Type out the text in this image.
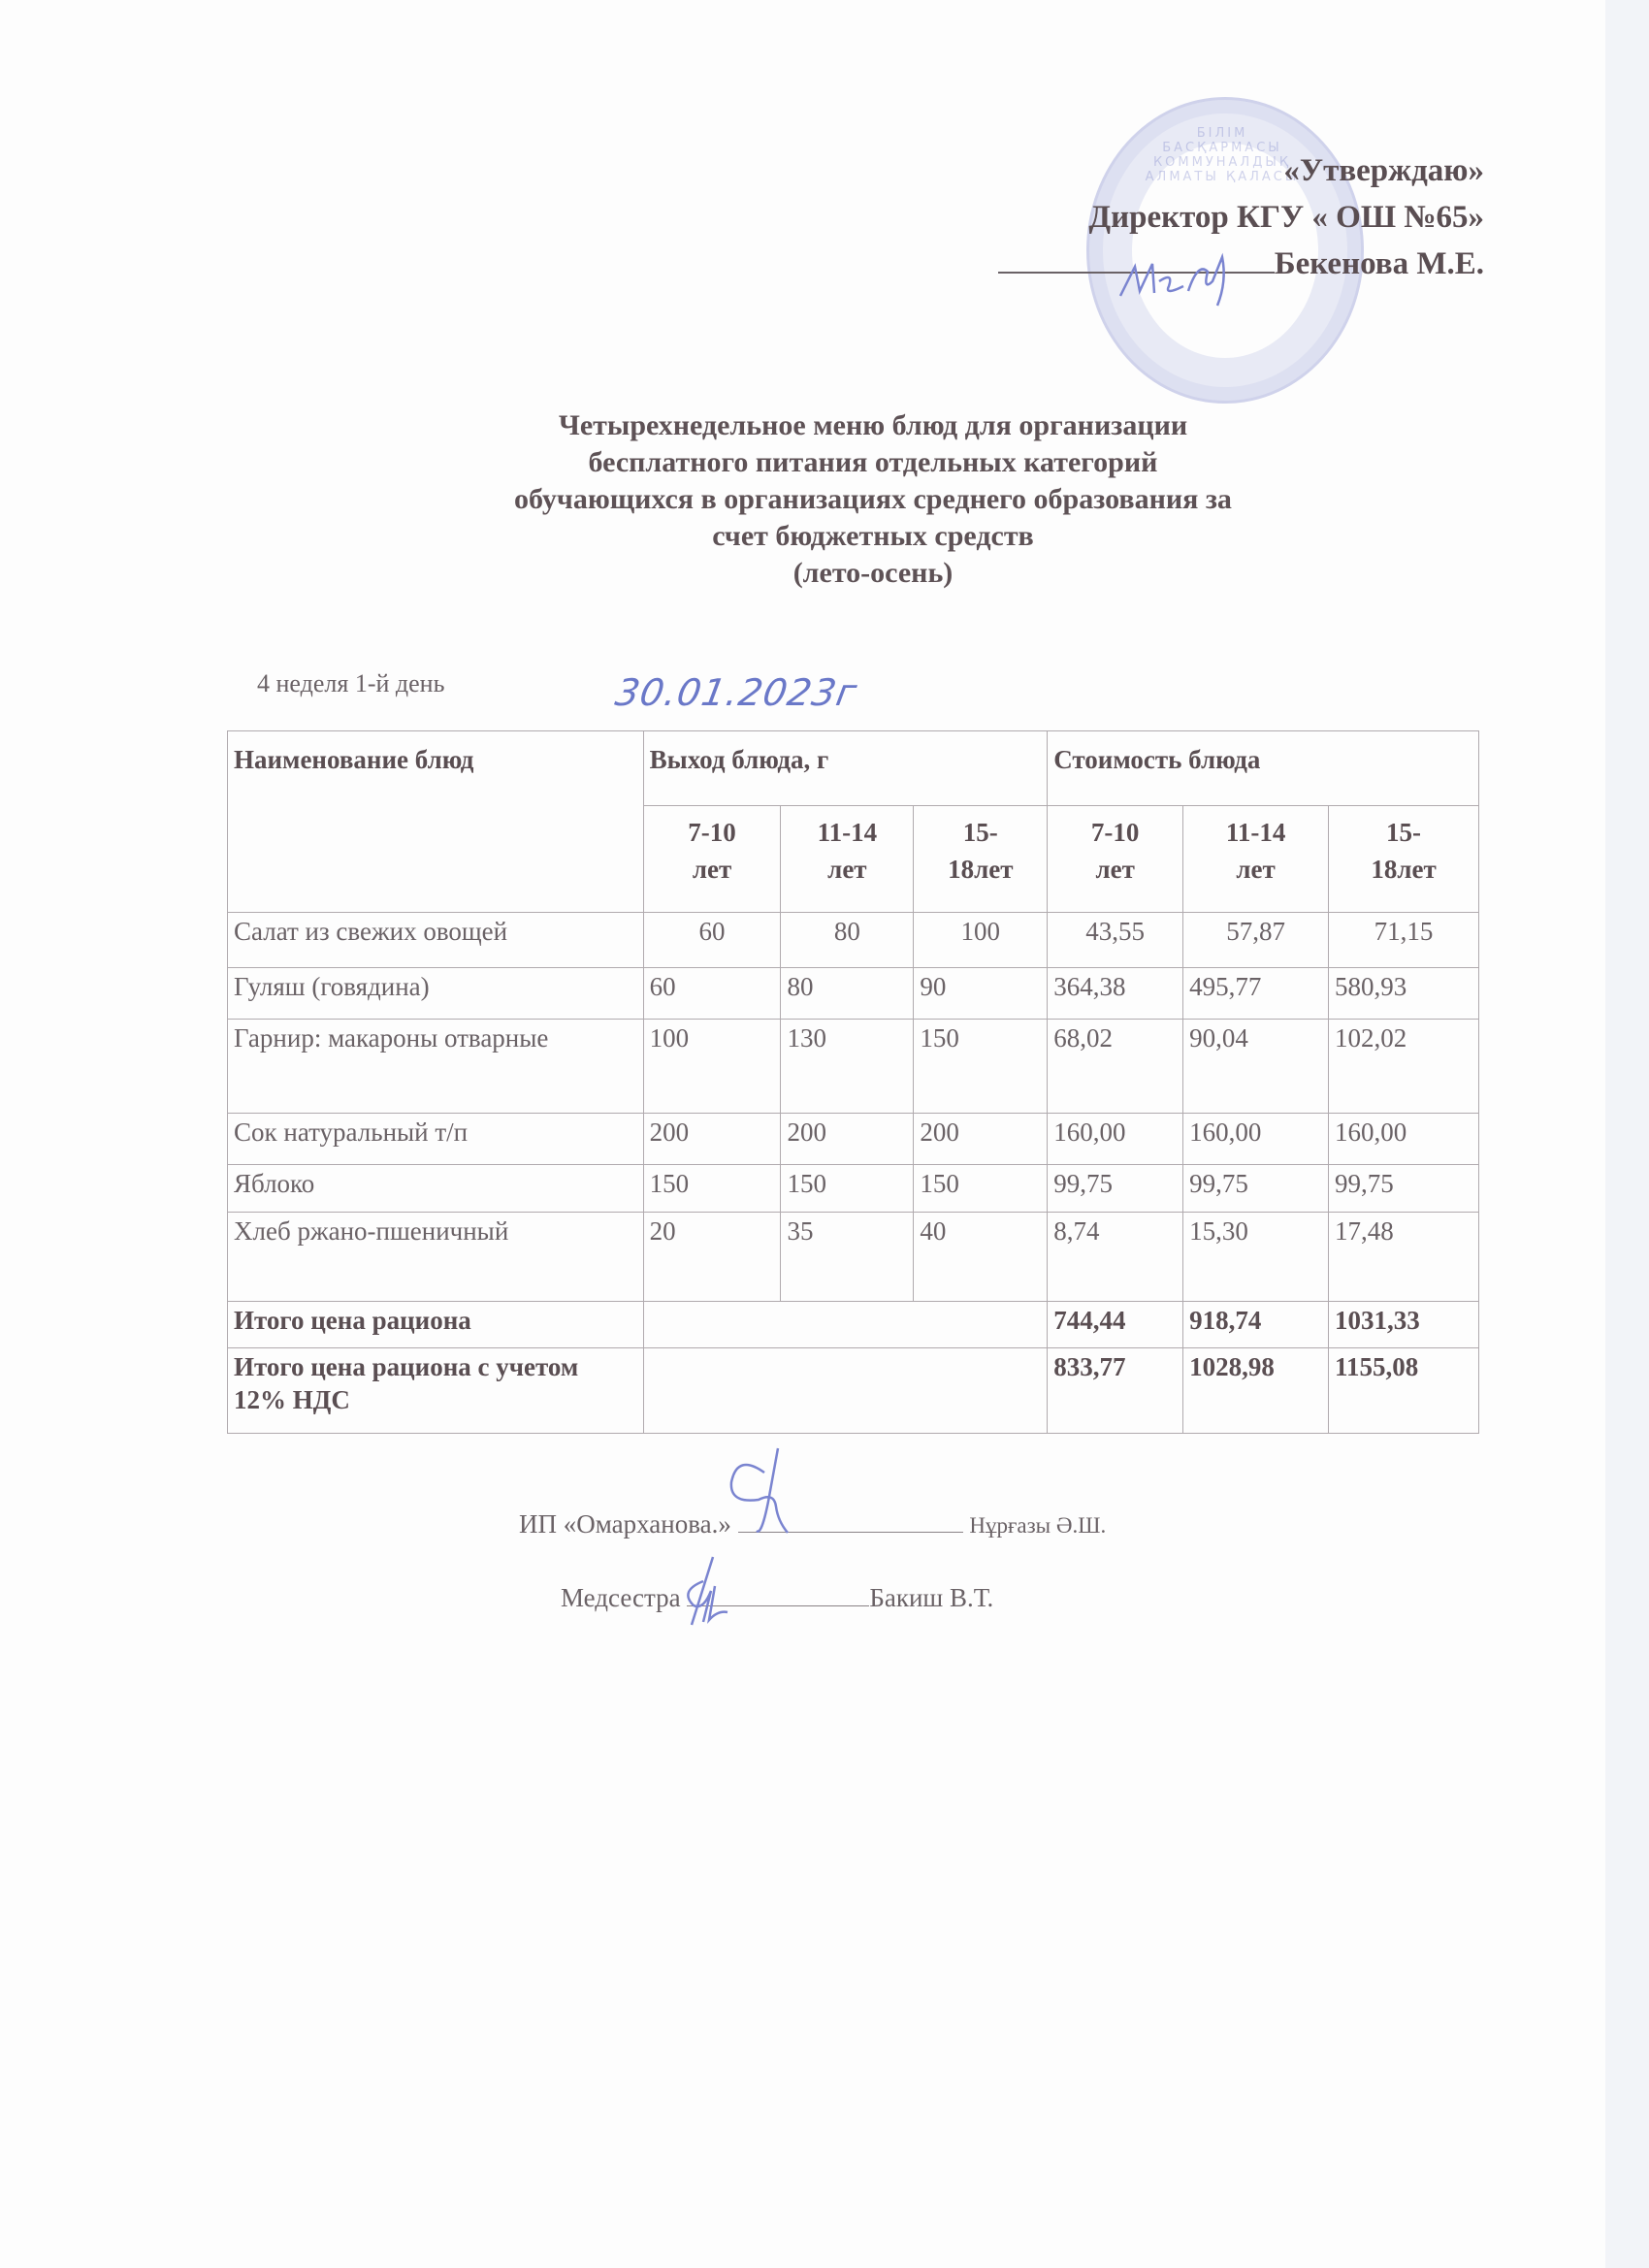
БІЛІМ БАСҚАРМАСЫ КОММУНАЛДЫҚ АЛМАТЫ ҚАЛАСЫ
«Утверждаю»
Директор КГУ « ОШ №65»
Бекенова М.Е.
Четырехнедельное меню блюд для организации
бесплатного питания отдельных категорий
обучающихся в организациях среднего образования за
счет бюджетных средств
(лето-осень)
4 неделя 1-й день	30.01.2023г
Наименование блюд	Выход блюда, г			Стоимость блюда		
	7-10
лет	11-14
лет	15-
18лет	7-10
лет	11-14
лет	15-
18лет
Салат из свежих овощей	60	80	100	43,55	57,87	71,15
Гуляш (говядина)	60	80	90	364,38	495,77	580,93
Гарнир: макароны отварные	100	130	150	68,02	90,04	102,02
Сок натуральный т/п	200	200	200	160,00	160,00	160,00
Яблоко	150	150	150	99,75	99,75	99,75
Хлеб ржано-пшеничный	20	35	40	8,74	15,30	17,48
Итого цена рациона				744,44	918,74	1031,33
Итого цена рациона с учетом 12% НДС				833,77	1028,98	1155,08
ИП «Омарханова.»	Нұрғазы Ә.Ш.
Медсестра	Бакиш В.Т.
